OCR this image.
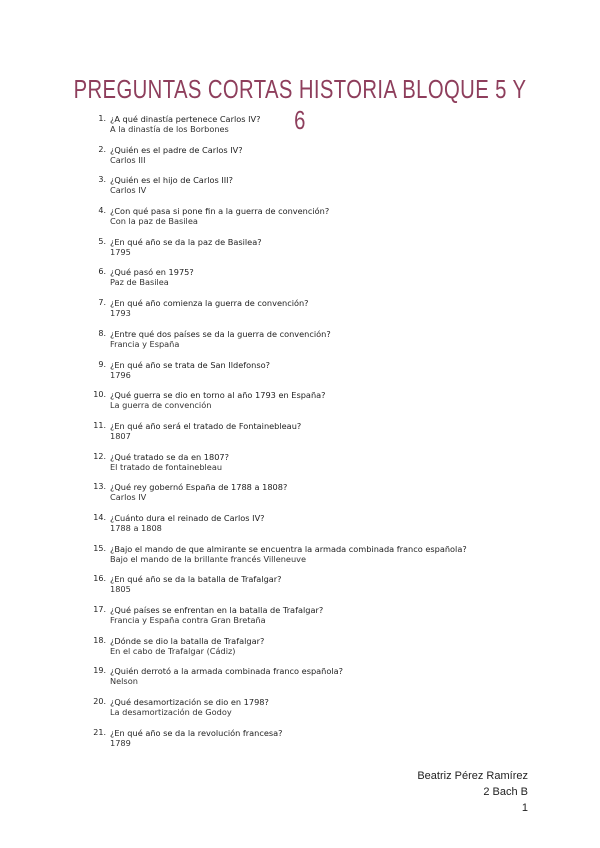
PREGUNTAS CORTAS HISTORIA BLOQUE 5 Y 6
1. ¿A qué dinastía pertenece Carlos IV?
A la dinastía de los Borbones
2. ¿Quién es el padre de Carlos IV?
Carlos III
3. ¿Quién es el hijo de Carlos III?
Carlos IV
4. ¿Con qué pasa si pone fin a la guerra de convención?
Con la paz de Basilea
5. ¿En qué año se da la paz de Basilea?
1795
6. ¿Qué pasó en 1975?
Paz de Basilea
7. ¿En qué año comienza la guerra de convención?
1793
8. ¿Entre qué dos países se da la guerra de convención?
Francia y España
9. ¿En qué año se trata de San Ildefonso?
1796
10. ¿Qué guerra se dio en torno al año 1793 en España?
La guerra de convención
11. ¿En qué año será el tratado de Fontainebleau?
1807
12. ¿Qué tratado se da en 1807?
El tratado de fontainebleau
13. ¿Qué rey gobernó España de 1788 a 1808?
Carlos IV
14. ¿Cuánto dura el reinado de Carlos IV?
1788 a 1808
15. ¿Bajo el mando de que almirante se encuentra la armada combinada franco española?
Bajo el mando de la brillante francés Villeneuve
16. ¿En qué año se da la batalla de Trafalgar?
1805
17. ¿Qué países se enfrentan en la batalla de Trafalgar?
Francia y España contra Gran Bretaña
18. ¿Dónde se dio la batalla de Trafalgar?
En el cabo de Trafalgar (Cádiz)
19. ¿Quién derrotó a la armada combinada franco española?
Nelson
20. ¿Qué desamortización se dio en 1798?
La desamortización de Godoy
21. ¿En qué año se da la revolución francesa?
1789
Beatriz Pérez Ramírez
2 Bach B
1
